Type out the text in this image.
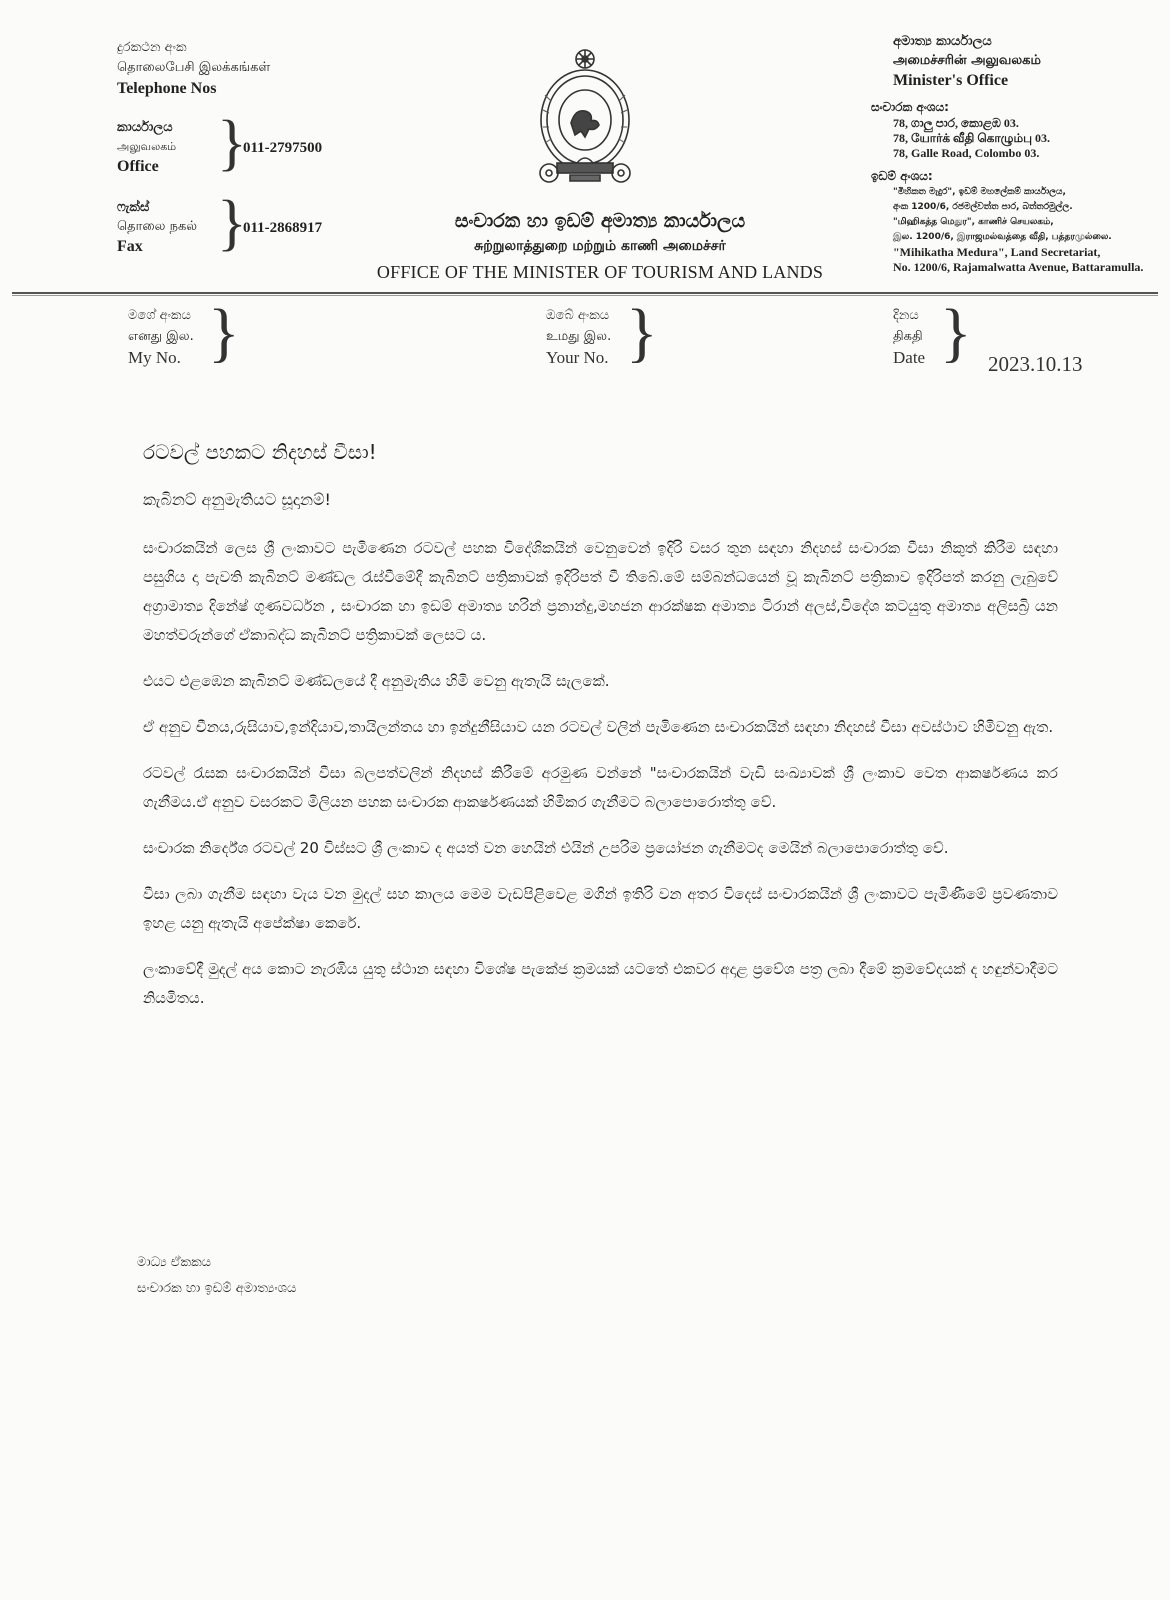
දුරකථන අංක
தொலைபேசி இலக்கங்கள்
Telephone Nos
කාර්යාලය
அலுவலகம்
Office }
011-2797500
ෆැක්ස්
தொலை நகல்
Fax	}
011-2868917	සංචාරක හා ඉඩම් අමාත්‍ය කාර්යාලය
சுற்றுலாத்துறை மற்றும் காணி அமைச்சர்
OFFICE OF THE MINISTER OF TOURISM AND LANDS
අමාත්‍ය කාර්යාලය
அமைச்சரின் அலுவலகம்
Minister's Office
සංචාරක අංශය:
78, ගාලු පාර, කොළඹ 03.
78, யோர்க் வீதி கொழும்பு 03.
78, Galle Road, Colombo 03.
ඉඩම් අංශය:
"මිහිකත මැදුර", ඉඩම් මහලේකම් කාර්යාලය,
අංක 1200/6, රජමල්වත්ත පාර, බත්තරමුල්ල.
"மிஹிகத்த மெதுர", காணிச் செயலகம்,
இல. 1200/6, இராஜமல்வத்தை வீதி, பத்தரமுல்லை.
"Mihikatha Medura", Land Secretariat,
No. 1200/6, Rajamalwatta Avenue, Battaramulla.
මගේ අංකය
எனது இல.
My No. }	ඔබේ අංකය
உமது இல.
Your No. }	දිනය
திகதி
Date } 2023.10.13
රටවල් පහකට නිදහස් වීසා!
කැබිනට් අනුමැතියට සූදානම්!

සංචාරකයින් ලෙස ශ්‍රී ලංකාවට පැමිණෙන රටවල් පහක විදේශිකයින් වෙනුවෙන් ඉදිරි වසර තුන සඳහා නිදහස් සංචාරක වීසා නිකුත් කිරීම සඳහා පසුගිය දා පැවති කැබිනට් මණ්ඩල රැස්වීමේදී කැබිනට් පත්‍රිකාවක් ඉදිරිපත් වී තිබේ.මේ සම්බන්ධයෙන් වූ කැබිනට් පත්‍රිකාව ඉදිරිපත් කරනු ලැබුවේ අග්‍රාමාත්‍ය දිනේෂ් ගුණවර්ධන , සංචාරක හා ඉඩම් අමාත්‍ය හරින් ප්‍රනාන්දු,මහජන ආරක්ෂක අමාත්‍ය ටිරාන් අලස්,විදේශ කටයුතු අමාත්‍ය අලිසබ්‍රි යන මහත්වරුන්ගේ ඒකාබද්ධ කැබිනට් පත්‍රිකාවක් ලෙසට ය.

එයට එළඹෙන කැබිනට් මණ්ඩලයේ දී අනුමැතිය හිමි වෙනු ඇතැයි සැලකේ.

ඒ අනුව චීනය,රුසියාව,ඉන්දියාව,තායිලන්තය හා ඉන්දුනීසියාව යන රටවල් වලින් පැමිණෙන සංචාරකයින් සඳහා නිදහස් වීසා අවස්ථාව හිමිවනු ඇත.

රටවල් රැසක සංචාරකයින් වීසා බලපත්වලින් නිදහස් කිරීමේ අරමුණ වන්නේ "සංචාරකයින් වැඩි සංඛ්‍යාවක් ශ්‍රී ලංකාව වෙත ආකර්ෂණය කර ගැනීමය.ඒ අනුව වසරකට මිලියන පහක සංචාරක ආකර්ෂණයක් හිමිකර ගැනීමට බලාපොරොත්තු වේ.

සංචාරක නිර්දේශ රටවල් 20 විස්සට ශ්‍රී ලංකාව ද අයත් වන හෙයින් එයින් උපරිම ප්‍රයෝජන ගැනීමටද මෙයින් බලාපොරොත්තු වේ.

වීසා ලබා ගැනීම සඳහා වැය වන මුදල් සහ කාලය මෙම වැඩපිළිවෙළ මගින් ඉතිරි වන අතර විදෙස් සංචාරකයින් ශ්‍රී ලංකාවට පැමිණීමේ ප්‍රවණතාව ඉහළ යනු ඇතැයි අපේක්ෂා කෙරේ.

ලංකාවේදී මුදල් අය කොට නැරඹිය යුතු ස්ථාන සඳහා විශේෂ පැකේජ ක්‍රමයක් යටතේ එකවර අදාළ ප්‍රවේශ පත්‍ර ලබා දීමේ ක්‍රමවේදයක් ද හඳුන්වාදීමට නියමිතය.

මාධ්‍ය ඒකකය
සංචාරක හා ඉඩම් අමාත්‍යංශය
